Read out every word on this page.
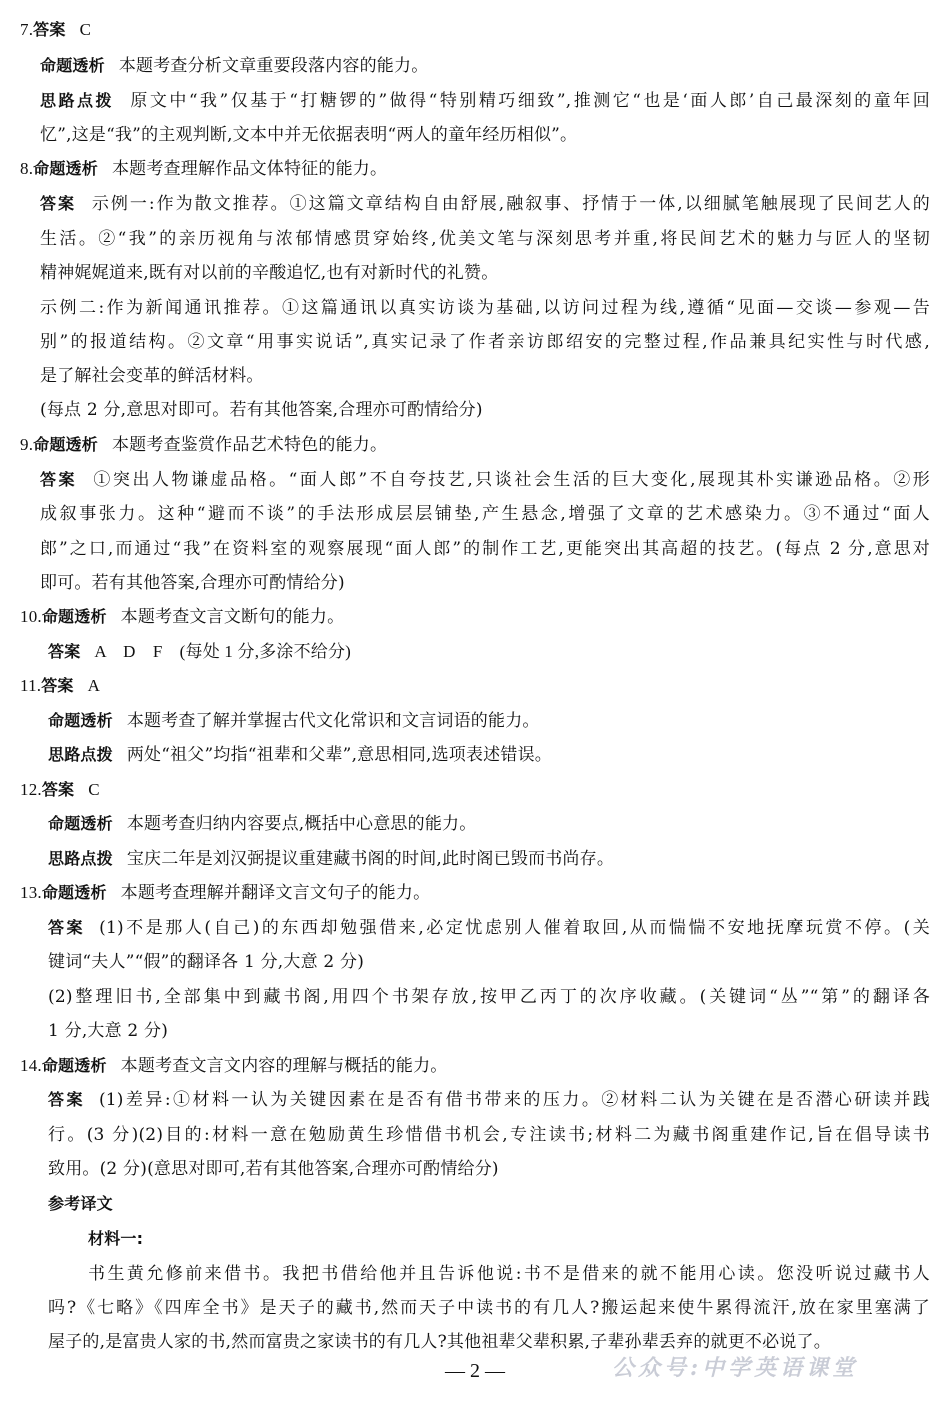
7.答案 C
命题透析 本题考查分析文章重要段落内容的能力。
思路点拨 原文中“我”仅基于“打糖锣的”做得“特别精巧细致”,推测它“也是‘面人郎’自己最深刻的童年回
忆”,这是“我”的主观判断,文本中并无依据表明“两人的童年经历相似”。
8.命题透析 本题考查理解作品文体特征的能力。
答案 示例一:作为散文推荐。①这篇文章结构自由舒展,融叙事、抒情于一体,以细腻笔触展现了民间艺人的
生活。②“我”的亲历视角与浓郁情感贯穿始终,优美文笔与深刻思考并重,将民间艺术的魅力与匠人的坚韧
精神娓娓道来,既有对以前的辛酸追忆,也有对新时代的礼赞。
示例二:作为新闻通讯推荐。①这篇通讯以真实访谈为基础,以访问过程为线,遵循“见面—交谈—参观—告
别”的报道结构。②文章“用事实说话”,真实记录了作者亲访郎绍安的完整过程,作品兼具纪实性与时代感,
是了解社会变革的鲜活材料。
(每点 2 分,意思对即可。若有其他答案,合理亦可酌情给分)
9.命题透析 本题考查鉴赏作品艺术特色的能力。
答案 ①突出人物谦虚品格。“面人郎”不自夸技艺,只谈社会生活的巨大变化,展现其朴实谦逊品格。②形
成叙事张力。这种“避而不谈”的手法形成层层铺垫,产生悬念,增强了文章的艺术感染力。③不通过“面人
郎”之口,而通过“我”在资料室的观察展现“面人郎”的制作工艺,更能突出其高超的技艺。(每点 2 分,意思对
即可。若有其他答案,合理亦可酌情给分)
10.命题透析 本题考查文言文断句的能力。
答案 A　D　F　(每处 1 分,多涂不给分)
11.答案 A
命题透析 本题考查了解并掌握古代文化常识和文言词语的能力。
思路点拨 两处“祖父”均指“祖辈和父辈”,意思相同,选项表述错误。
12.答案 C
命题透析 本题考查归纳内容要点,概括中心意思的能力。
思路点拨 宝庆二年是刘汉弼提议重建藏书阁的时间,此时阁已毁而书尚存。
13.命题透析 本题考查理解并翻译文言文句子的能力。
答案 (1)不是那人(自己)的东西却勉强借来,必定忧虑别人催着取回,从而惴惴不安地抚摩玩赏不停。(关
键词“夫人”“假”的翻译各 1 分,大意 2 分)
(2)整理旧书,全部集中到藏书阁,用四个书架存放,按甲乙丙丁的次序收藏。(关键词“丛”“第”的翻译各
1 分,大意 2 分)
14.命题透析 本题考查文言文内容的理解与概括的能力。
答案 (1)差异:①材料一认为关键因素在是否有借书带来的压力。②材料二认为关键在是否潜心研读并践
行。(3 分)(2)目的:材料一意在勉励黄生珍惜借书机会,专注读书;材料二为藏书阁重建作记,旨在倡导读书
致用。(2 分)(意思对即可,若有其他答案,合理亦可酌情给分)
参考译文
材料一:
书生黄允修前来借书。我把书借给他并且告诉他说:书不是借来的就不能用心读。您没听说过藏书人
吗?《七略》《四库全书》是天子的藏书,然而天子中读书的有几人?搬运起来使牛累得流汗,放在家里塞满了
屋子的,是富贵人家的书,然而富贵之家读书的有几人?其他祖辈父辈积累,子辈孙辈丢弃的就更不必说了。
公众号:中学英语课堂
— 2 —
